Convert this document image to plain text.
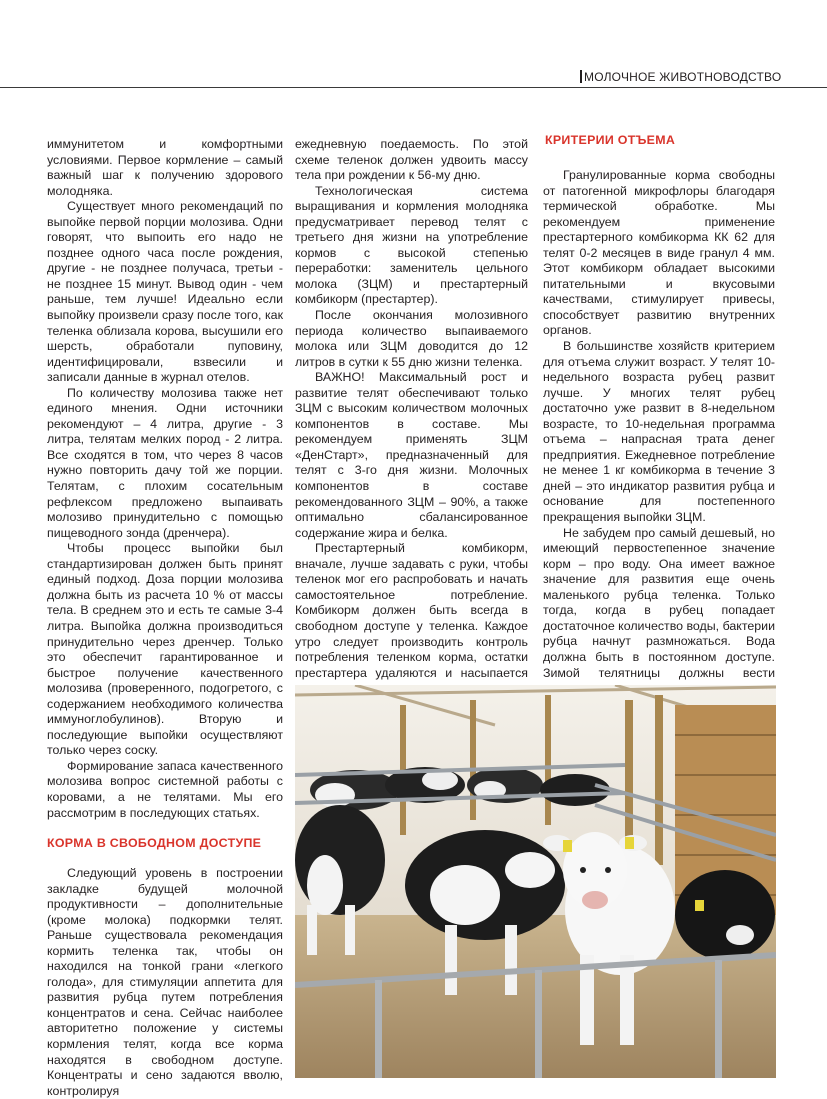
МОЛОЧНОЕ ЖИВОТНОВОДСТВО

иммунитетом и комфортными условиями. Первое кормление – самый важный шаг к получению здорового молодняка.

Существует много рекомендаций по выпойке первой порции молозива. Одни говорят, что выпоить его надо не позднее одного часа после рождения, другие - не позднее получаса, третьи - не позднее 15 минут. Вывод один - чем раньше, тем лучше! Идеально если выпойку произвели сразу после того, как теленка облизала корова, высушили его шерсть, обработали пуповину, идентифицировали, взвесили и записали данные в журнал отелов.

По количеству молозива также нет единого мнения. Одни источники рекомендуют – 4 литра, другие - 3 литра, телятам мелких пород - 2 литра. Все сходятся в том, что через 8 часов нужно повторить дачу той же порции. Телятам, с плохим сосательным рефлексом предложено выпаивать молозиво принудительно с помощью пищеводного зонда (дренчера).

Чтобы процесс выпойки был стандартизирован должен быть принят единый подход. Доза порции молозива должна быть из расчета 10 % от массы тела. В среднем это и есть те самые 3-4 литра. Выпойка должна производиться принудительно через дренчер. Только это обеспечит гарантированное и быстрое получение качественного молозива (проверенного, подогретого, с содержанием необходимого количества иммуноглобулинов). Вторую и последующие выпойки осуществляют только через соску.

Формирование запаса качественного молозива вопрос системной работы с коровами, а не телятами. Мы его рассмотрим в последующих статьях.

КОРМА В СВОБОДНОМ ДОСТУПЕ

Следующий уровень в построении закладке будущей молочной продуктивности – дополнительные (кроме молока) подкормки телят. Раньше существовала рекомендация кормить теленка так, чтобы он находился на тонкой грани «легкого голода», для стимуляции аппетита для развития рубца путем потребления концентратов и сена. Сейчас наиболее авторитетно положение у системы кормления телят, когда все корма находятся в свободном доступе. Концентраты и сено задаются вволю, контролируя

ежедневную поедаемость. По этой схеме теленок должен удвоить массу тела при рождении к 56-му дню.

Технологическая система выращивания и кормления молодняка предусматривает перевод телят с третьего дня жизни на употребление кормов с высокой степенью переработки: заменитель цельного молока (ЗЦМ) и престартерный комбикорм (престартер).

После окончания молозивного периода количество выпаиваемого молока или ЗЦМ доводится до 12 литров в сутки к 55 дню жизни теленка.

ВАЖНО! Максимальный рост и развитие телят обеспечивают только ЗЦМ с высоким количеством молочных компонентов в составе. Мы рекомендуем применять ЗЦМ «ДенСтарт», предназначенный для телят с 3-го дня жизни. Молочных компонентов в составе рекомендованного ЗЦМ – 90%, а также оптимально сбалансированное содержание жира и белка.

Престартерный комбикорм, вначале, лучше задавать с руки, чтобы теленок мог его распробовать и начать самостоятельное потребление. Комбикорм должен быть всегда в свободном доступе у теленка. Каждое утро следует производить контроль потребления теленком корма, остатки престартера удаляются и насыпается

КРИТЕРИИ ОТЪЕМА

Гранулированные корма свободны от патогенной микрофлоры благодаря термической обработке. Мы рекомендуем применение престартерного комбикорма КК 62 для телят 0-2 месяцев в виде гранул 4 мм. Этот комбикорм обладает высокими питательными и вкусовыми качествами, стимулирует привесы, способствует развитию внутренних органов.

В большинстве хозяйств критерием для отъема служит возраст. У телят 10-недельного возраста рубец развит лучше. У многих телят рубец достаточно уже развит в 8-недельном возрасте, то 10-недельная программа отъема – напрасная трата денег предприятия. Ежедневное потребление не менее 1 кг комбикорма в течение 3 дней – это индикатор развития рубца и основание для постепенного прекращения выпойки ЗЦМ.

Не забудем про самый дешевый, но имеющий первостепенное значение корм – про воду. Она имеет важное значение для развития еще очень маленького рубца теленка. Только тогда, когда в рубец попадает достаточное количество воды, бактерии рубца начнут размножаться. Вода должна быть в постоянном доступе. Зимой телятницы должны вести
